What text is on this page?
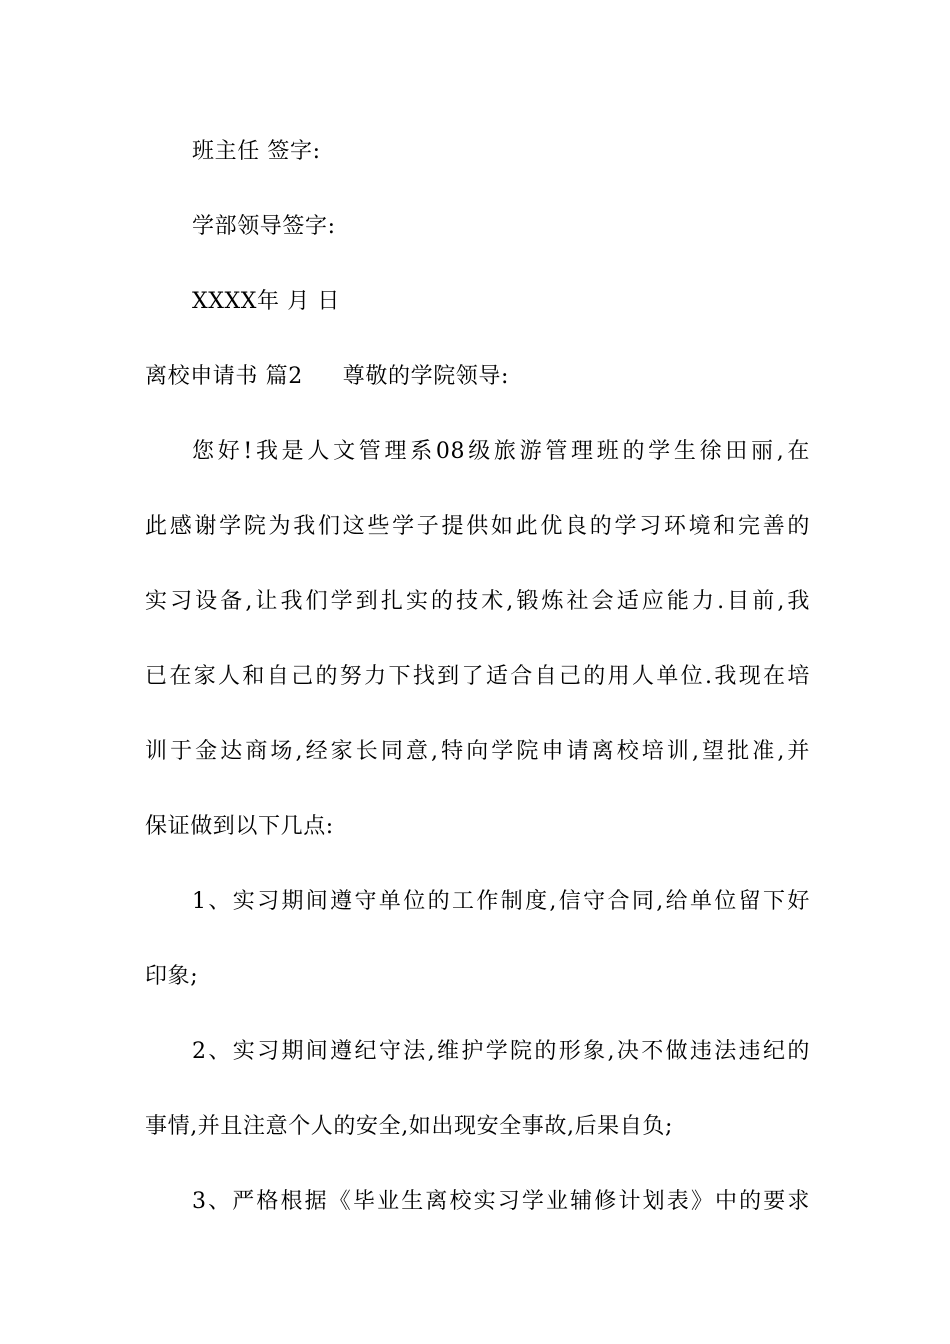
班主任 签字:
学部领导签字:
XXXX年 月 日
离校申请书 篇2 尊敬的学院领导:
您好!我是人文管理系08级旅游管理班的学生徐田丽,在
此感谢学院为我们这些学子提供如此优良的学习环境和完善的
实习设备,让我们学到扎实的技术,锻炼社会适应能力.目前,我
已在家人和自己的努力下找到了适合自己的用人单位.我现在培
训于金达商场,经家长同意,特向学院申请离校培训,望批准,并
保证做到以下几点:
1、实习期间遵守单位的工作制度,信守合同,给单位留下好
印象;
2、实习期间遵纪守法,维护学院的形象,决不做违法违纪的
事情,并且注意个人的安全,如出现安全事故,后果自负;
3、严格根据《毕业生离校实习学业辅修计划表》中的要求
